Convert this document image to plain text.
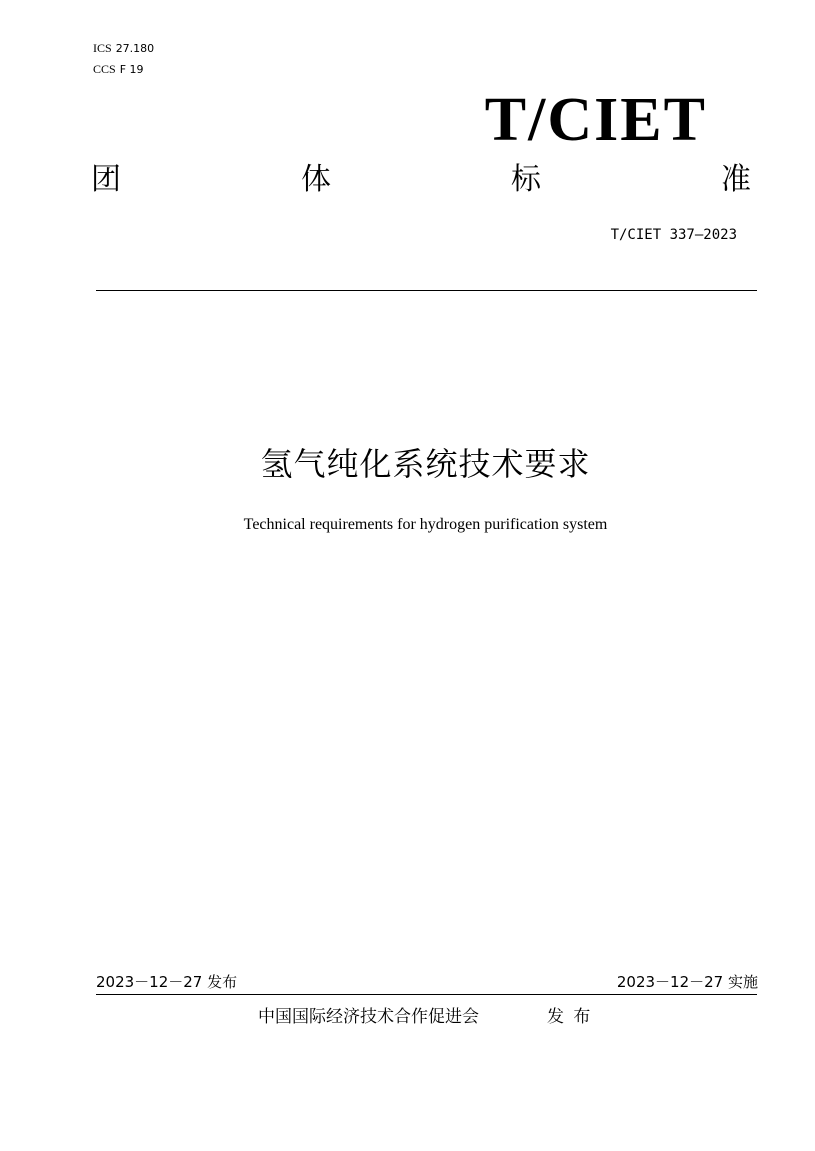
ICS 27.180
CCS F 19
T/CIET
团	体	标	准
T/CIET 337—2023
氢气纯化系统技术要求
Technical requirements for hydrogen purification system
2023－12－27 发布	2023－12－27 实施
中国国际经济技术合作促进会	发 布
